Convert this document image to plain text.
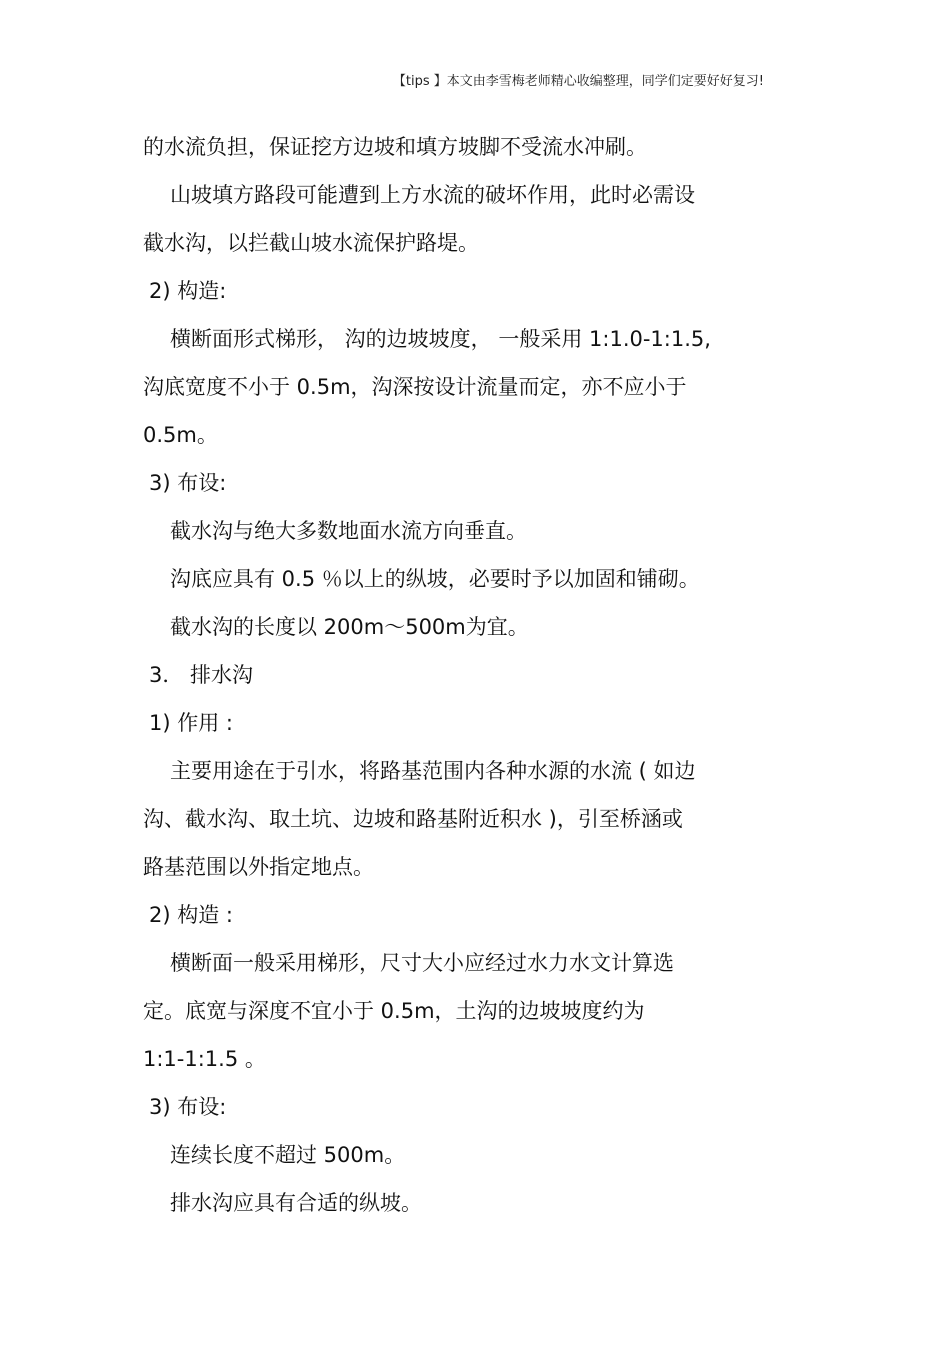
【tips 】本文由李雪梅老师精心收编整理，同学们定要好好复习!
的水流负担，保证挖方边坡和填方坡脚不受流水冲刷。
山坡填方路段可能遭到上方水流的破坏作用，此时必需设
截水沟，以拦截山坡水流保护路堤。
2) 构造:
横断面形式梯形， 沟的边坡坡度， 一般采用 1:1.0-1:1.5,
沟底宽度不小于 0.5m，沟深按设计流量而定，亦不应小于
0.5m。
3) 布设:
截水沟与绝大多数地面水流方向垂直。
沟底应具有 0.5 ％以上的纵坡，必要时予以加固和铺砌。
截水沟的长度以 200m～500m为宜。
3． 排水沟
1) 作用 :
主要用途在于引水，将路基范围内各种水源的水流 ( 如边
沟、截水沟、取土坑、边坡和路基附近积水 )，引至桥涵或
路基范围以外指定地点。
2) 构造 :
横断面一般采用梯形，尺寸大小应经过水力水文计算选
定。底宽与深度不宜小于 0.5m，土沟的边坡坡度约为
1:1-1:1.5 。
3) 布设:
连续长度不超过 500m。
排水沟应具有合适的纵坡。
